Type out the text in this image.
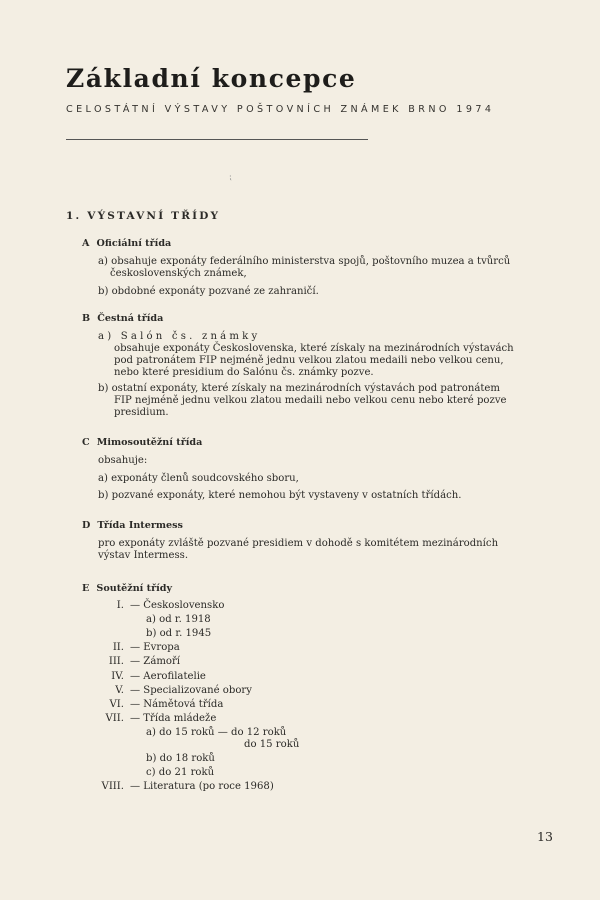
Základní koncepce
CELOSTÁTNÍ VÝSTAVY POŠTOVNÍCH ZNÁMEK BRNO 1974
⁏
1. VÝSTAVNÍ TŘÍDY
A Oficiální třída
a) obsahuje exponáty federálního ministerstva spojů, poštovního muzea a tvůrců
československých známek,
b) obdobné exponáty pozvané ze zahraničí.
B Čestná třída
a) Salón čs. známky
obsahuje exponáty Československa, které získaly na mezinárodních výstavách
pod patronátem FIP nejméně jednu velkou zlatou medaili nebo velkou cenu,
nebo které presidium do Salónu čs. známky pozve.
b) ostatní exponáty, které získaly na mezinárodních výstavách pod patronátem
FIP nejméně jednu velkou zlatou medaili nebo velkou cenu nebo které pozve
presidium.
C Mimosoutěžní třída
obsahuje:
a) exponáty členů soudcovského sboru,
b) pozvané exponáty, které nemohou být vystaveny v ostatních třídách.
D Třída Intermess
pro exponáty zvláště pozvané presidiem v dohodě s komitétem mezinárodních
výstav Intermess.
E Soutěžní třídy
I. — Československo
a) od r. 1918
b) od r. 1945
II. — Evropa
III. — Zámoří
IV. — Aerofilatelie
V. — Specializované obory
VI. — Námětová třída
VII. — Třída mládeže
a) do 15 roků — do 12 roků
do 15 roků
b) do 18 roků
c) do 21 roků
VIII. — Literatura (po roce 1968)
13
